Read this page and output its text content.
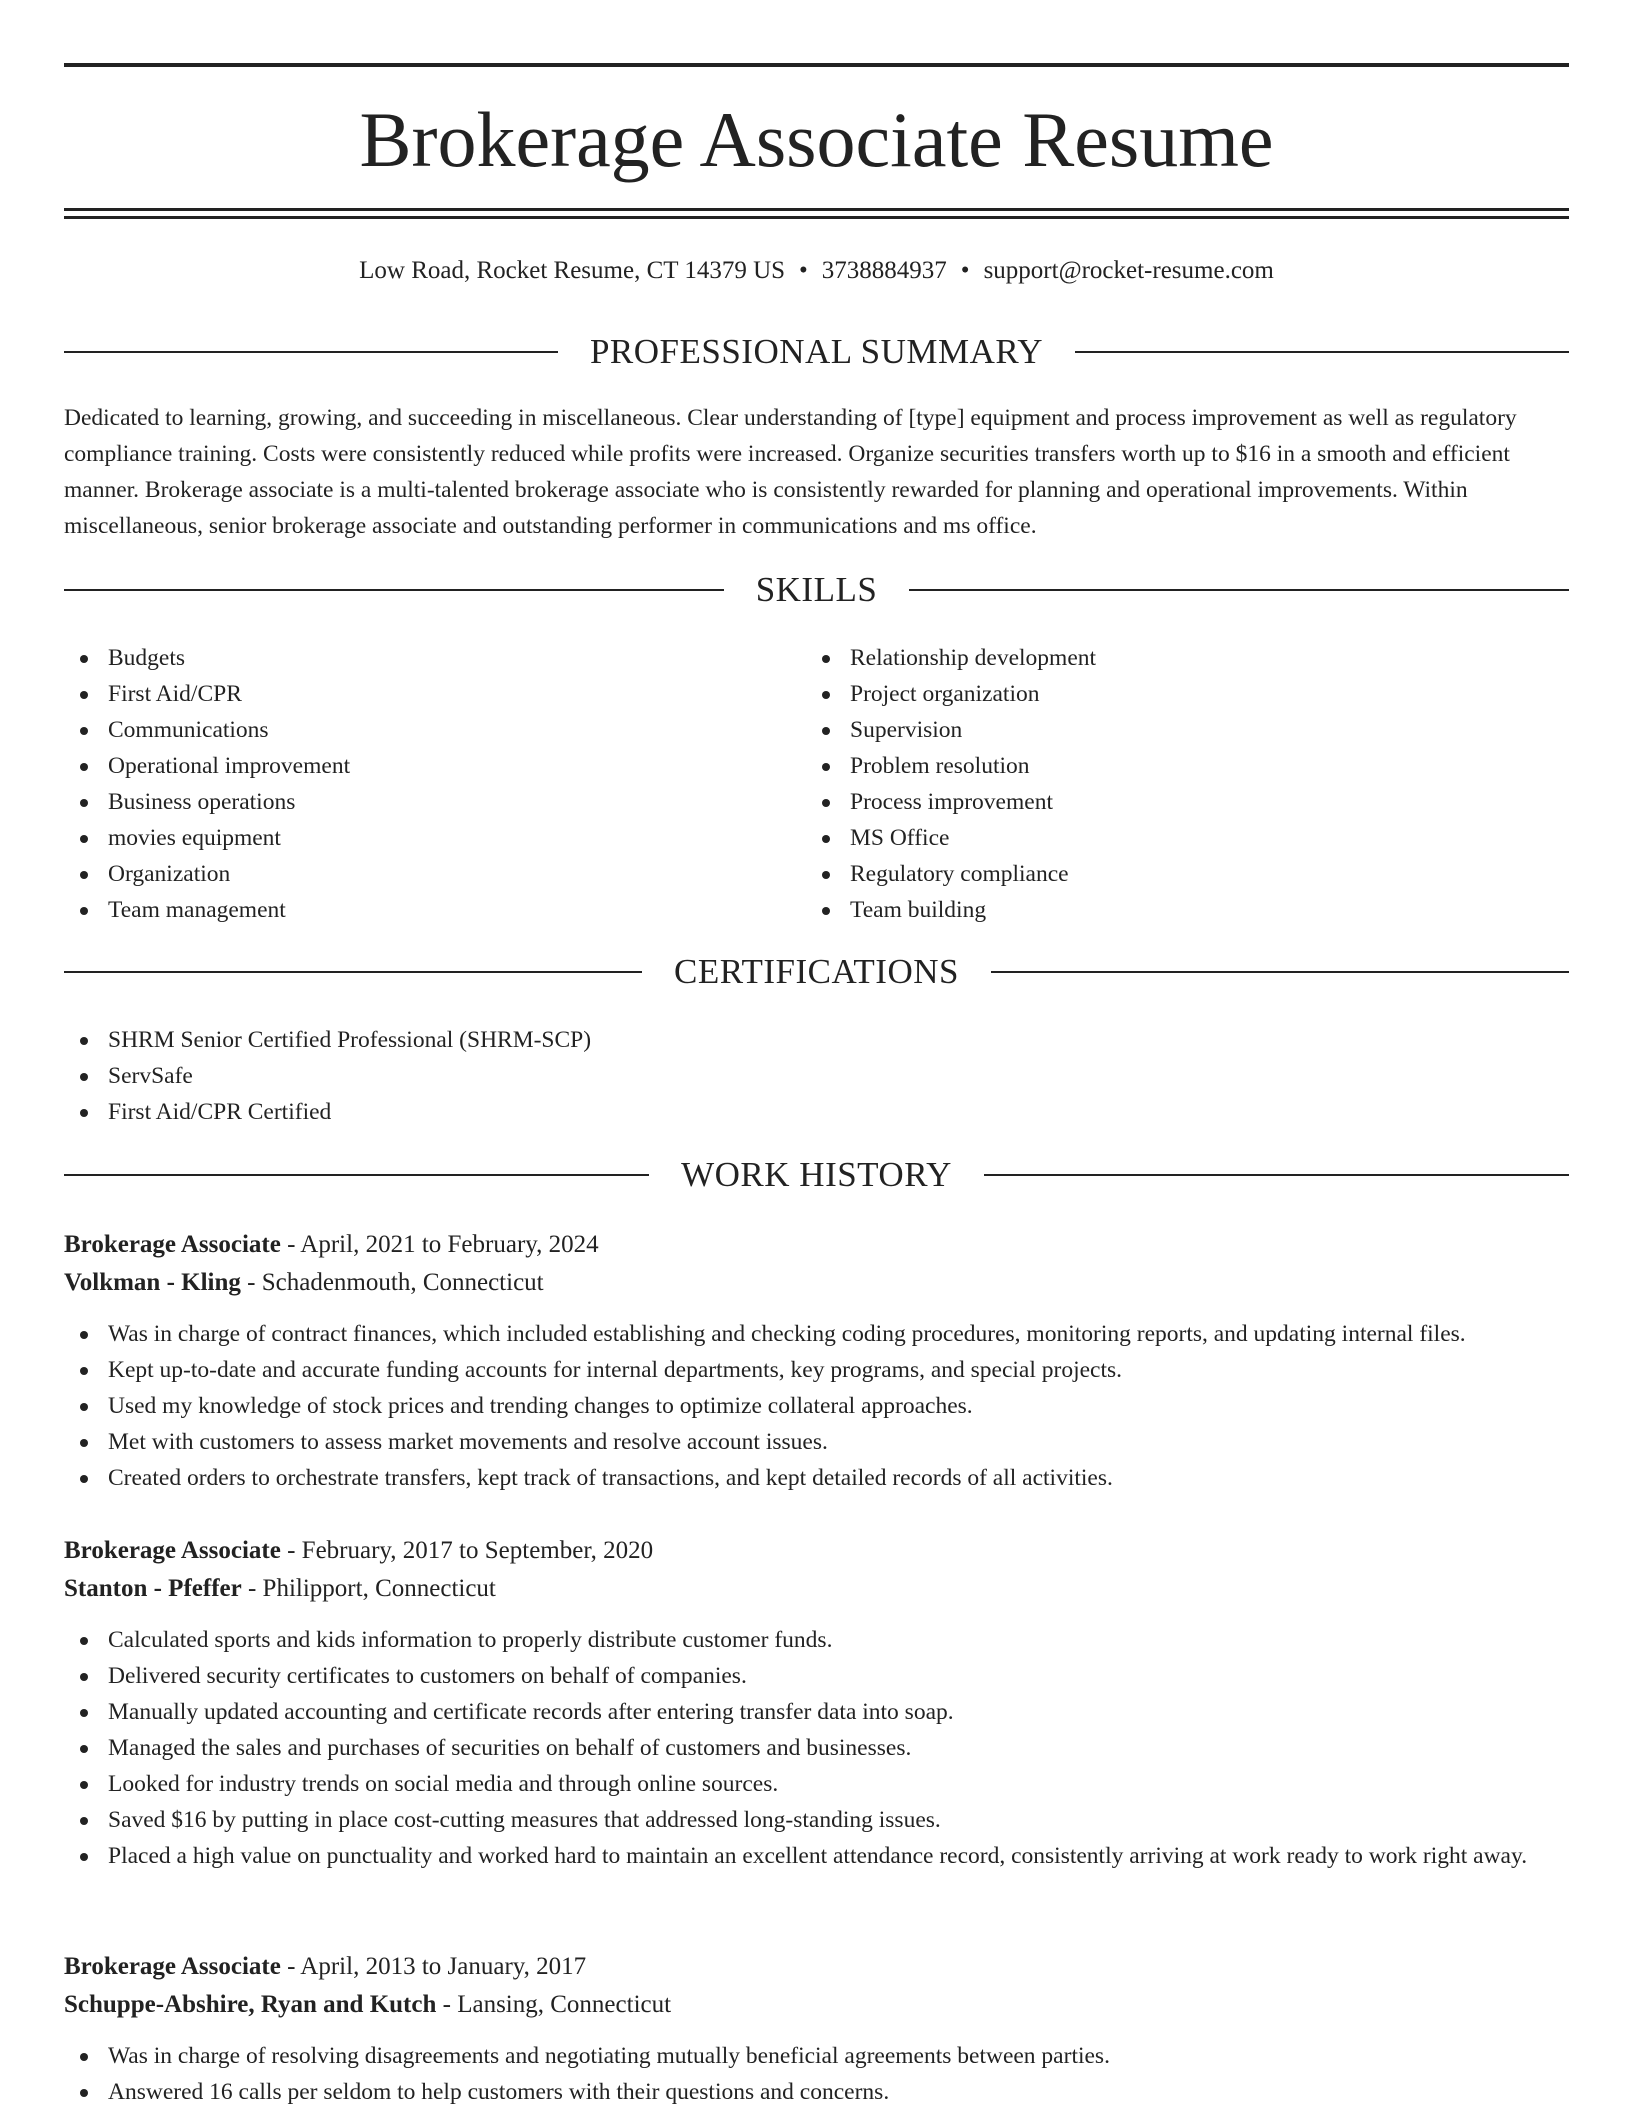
Brokerage Associate Resume
Low Road, Rocket Resume, CT 14379 US • 3738884937 • support@rocket-resume.com
PROFESSIONAL SUMMARY

Dedicated to learning, growing, and succeeding in miscellaneous. Clear understanding of [type] equipment and process improvement as well as regulatory compliance training. Costs were consistently reduced while profits were increased. Organize securities transfers worth up to $16 in a smooth and efficient manner. Brokerage associate is a multi-talented brokerage associate who is consistently rewarded for planning and operational improvements. Within miscellaneous, senior brokerage associate and outstanding performer in communications and ms office.

SKILLS
Budgets
First Aid/CPR
Communications
Operational improvement
Business operations
movies equipment
Organization
Team management
Relationship development
Project organization
Supervision
Problem resolution
Process improvement
MS Office
Regulatory compliance
Team building
CERTIFICATIONS
SHRM Senior Certified Professional (SHRM-SCP)
ServSafe
First Aid/CPR Certified
WORK HISTORY
Brokerage Associate - April, 2021 to February, 2024
Volkman - Kling - Schadenmouth, Connecticut
Was in charge of contract finances, which included establishing and checking coding procedures, monitoring reports, and updating internal files.
Kept up-to-date and accurate funding accounts for internal departments, key programs, and special projects.
Used my knowledge of stock prices and trending changes to optimize collateral approaches.
Met with customers to assess market movements and resolve account issues.
Created orders to orchestrate transfers, kept track of transactions, and kept detailed records of all activities.
Brokerage Associate - February, 2017 to September, 2020
Stanton - Pfeffer - Philipport, Connecticut
Calculated sports and kids information to properly distribute customer funds.
Delivered security certificates to customers on behalf of companies.
Manually updated accounting and certificate records after entering transfer data into soap.
Managed the sales and purchases of securities on behalf of customers and businesses.
Looked for industry trends on social media and through online sources.
Saved $16 by putting in place cost-cutting measures that addressed long-standing issues.
Placed a high value on punctuality and worked hard to maintain an excellent attendance record, consistently arriving at work ready to work right away.
Brokerage Associate - April, 2013 to January, 2017
Schuppe-Abshire, Ryan and Kutch - Lansing, Connecticut
Was in charge of resolving disagreements and negotiating mutually beneficial agreements between parties.
Answered 16 calls per seldom to help customers with their questions and concerns.
